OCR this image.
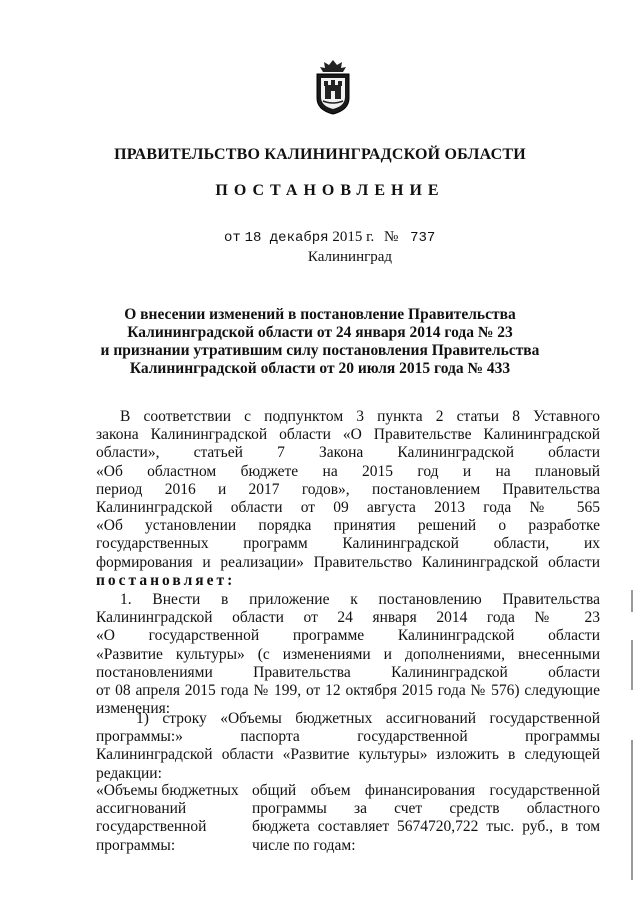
ПРАВИТЕЛЬСТВО КАЛИНИНГРАДСКОЙ ОБЛАСТИ
ПОСТАНОВЛЕНИЕ
от 18 декабря 2015 г. № 737
Калининград
О внесении изменений в постановление Правительства
Калининградской области от 24 января 2014 года № 23
и признании утратившим силу постановления Правительства
Калининградской области от 20 июля 2015 года № 433
В соответствии с подпунктом 3 пункта 2 статьи 8 Уставного
закона Калининградской области «О Правительстве Калининградской
области», статьей 7 Закона Калининградской области
«Об областном бюджете на 2015 год и на плановый
период 2016 и 2017 годов», постановлением Правительства
Калининградской области от 09 августа 2013 года № 565
«Об установлении порядка принятия решений о разработке
государственных программ Калининградской области, их
формирования и реализации» Правительство Калининградской области
постановляет:
1. Внести в приложение к постановлению Правительства
Калининградской области от 24 января 2014 года № 23
«О государственной программе Калининградской области
«Развитие культуры» (с изменениями и дополнениями, внесенными
постановлениями Правительства Калининградской области
от 08 апреля 2015 года № 199, от 12 октября 2015 года № 576) следующие
изменения:
1) строку «Объемы бюджетных ассигнований государственной
программы:» паспорта государственной программы
Калининградской области «Развитие культуры» изложить в следующей
редакции:
«Объемы бюджетных
ассигнований
государственной
программы:
общий объем финансирования государственной
программы за счет средств областного
бюджета составляет 5674720,722 тыс. руб., в том
числе по годам:
